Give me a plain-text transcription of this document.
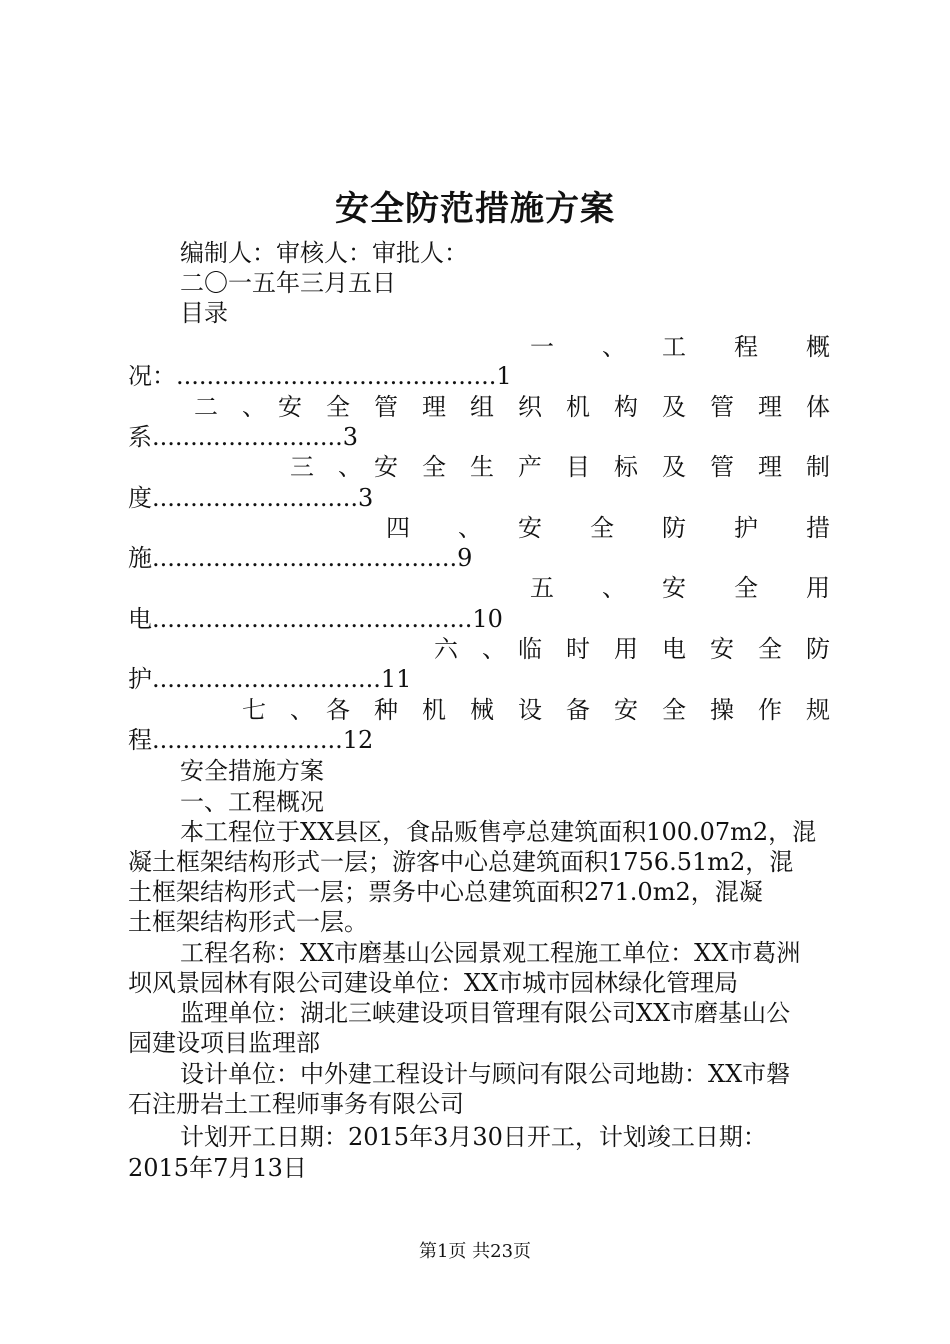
安全防范措施方案
编制人：审核人：审批人：
二〇一五年三月五日
目录
一　　、　　工　　程　　概
况：..........................................1
二　、　安　全　管　理　组　织　机　构　及　管　理　体
系.........................3
三　、　安　全　生　产　目　标　及　管　理　制
度...........................3
四　　、　　安　　全　　防　　护　　措
施........................................9
五　　、　　安　　全　　用
电..........................................10
六　、　临　时　用　电　安　全　防
护..............................11
七　、　各　种　机　械　设　备　安　全　操　作　规
程.........................12
安全措施方案
一、工程概况
本工程位于XX县区，食品贩售亭总建筑面积100.07m2，混
凝土框架结构形式一层；游客中心总建筑面积1756.51m2，混
土框架结构形式一层；票务中心总建筑面积271.0m2，混凝
土框架结构形式一层。
工程名称：XX市磨基山公园景观工程施工单位：XX市葛洲
坝风景园林有限公司建设单位：XX市城市园林绿化管理局
监理单位：湖北三峡建设项目管理有限公司XX市磨基山公
园建设项目监理部
设计单位：中外建工程设计与顾问有限公司地勘：XX市磐
石注册岩土工程师事务有限公司
计划开工日期：2015年3月30日开工，计划竣工日期：
2015年7月13日
第1页 共23页
